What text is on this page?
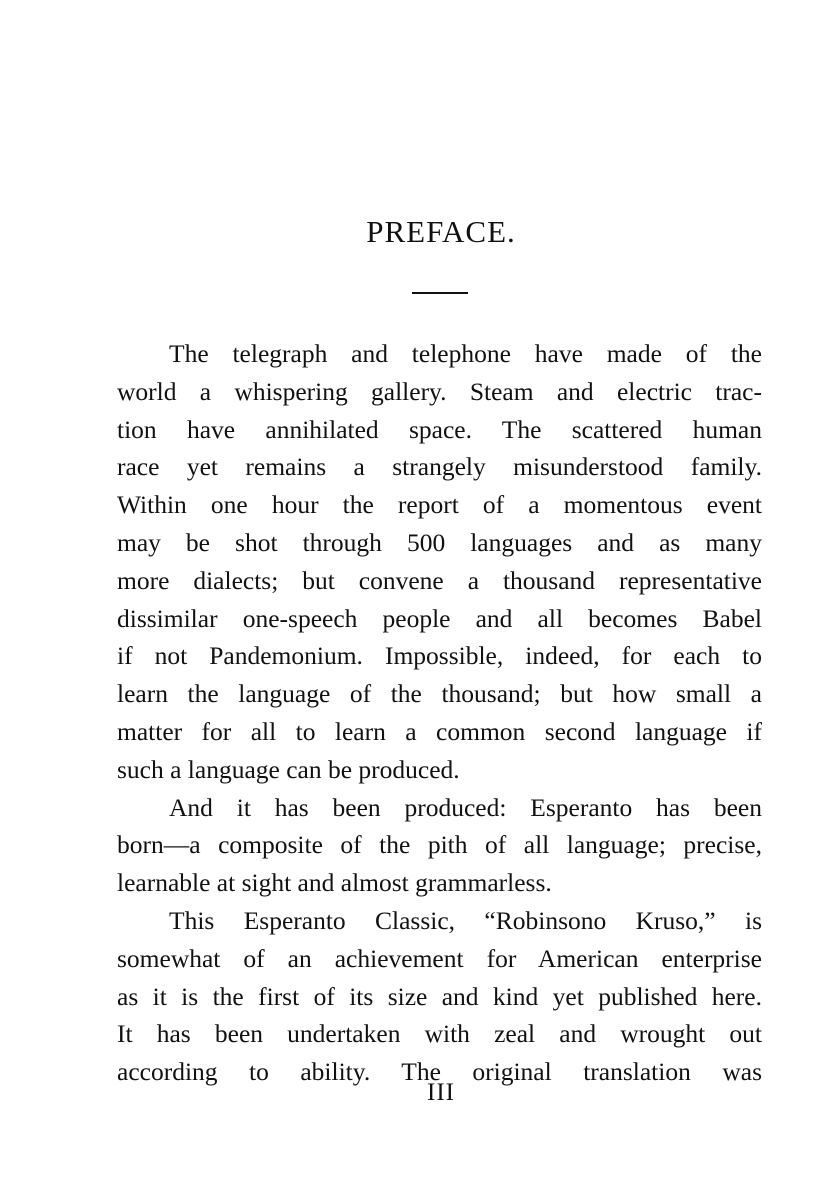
PREFACE.
The telegraph and telephone have made of the
world a whispering gallery. Steam and electric trac-
tion have annihilated space. The scattered human
race yet remains a strangely misunderstood family.
Within one hour the report of a momentous event
may be shot through 500 languages and as many
more dialects; but convene a thousand representative
dissimilar one-speech people and all becomes Babel
if not Pandemonium. Impossible, indeed, for each to
learn the language of the thousand; but how small a
matter for all to learn a common second language if
such a language can be produced.
And it has been produced: Esperanto has been
born—a composite of the pith of all language; precise,
learnable at sight and almost grammarless.
This Esperanto Classic, “Robinsono Kruso,” is
somewhat of an achievement for American enterprise
as it is the first of its size and kind yet published here.
It has been undertaken with zeal and wrought out
according to ability. The original translation was
III
